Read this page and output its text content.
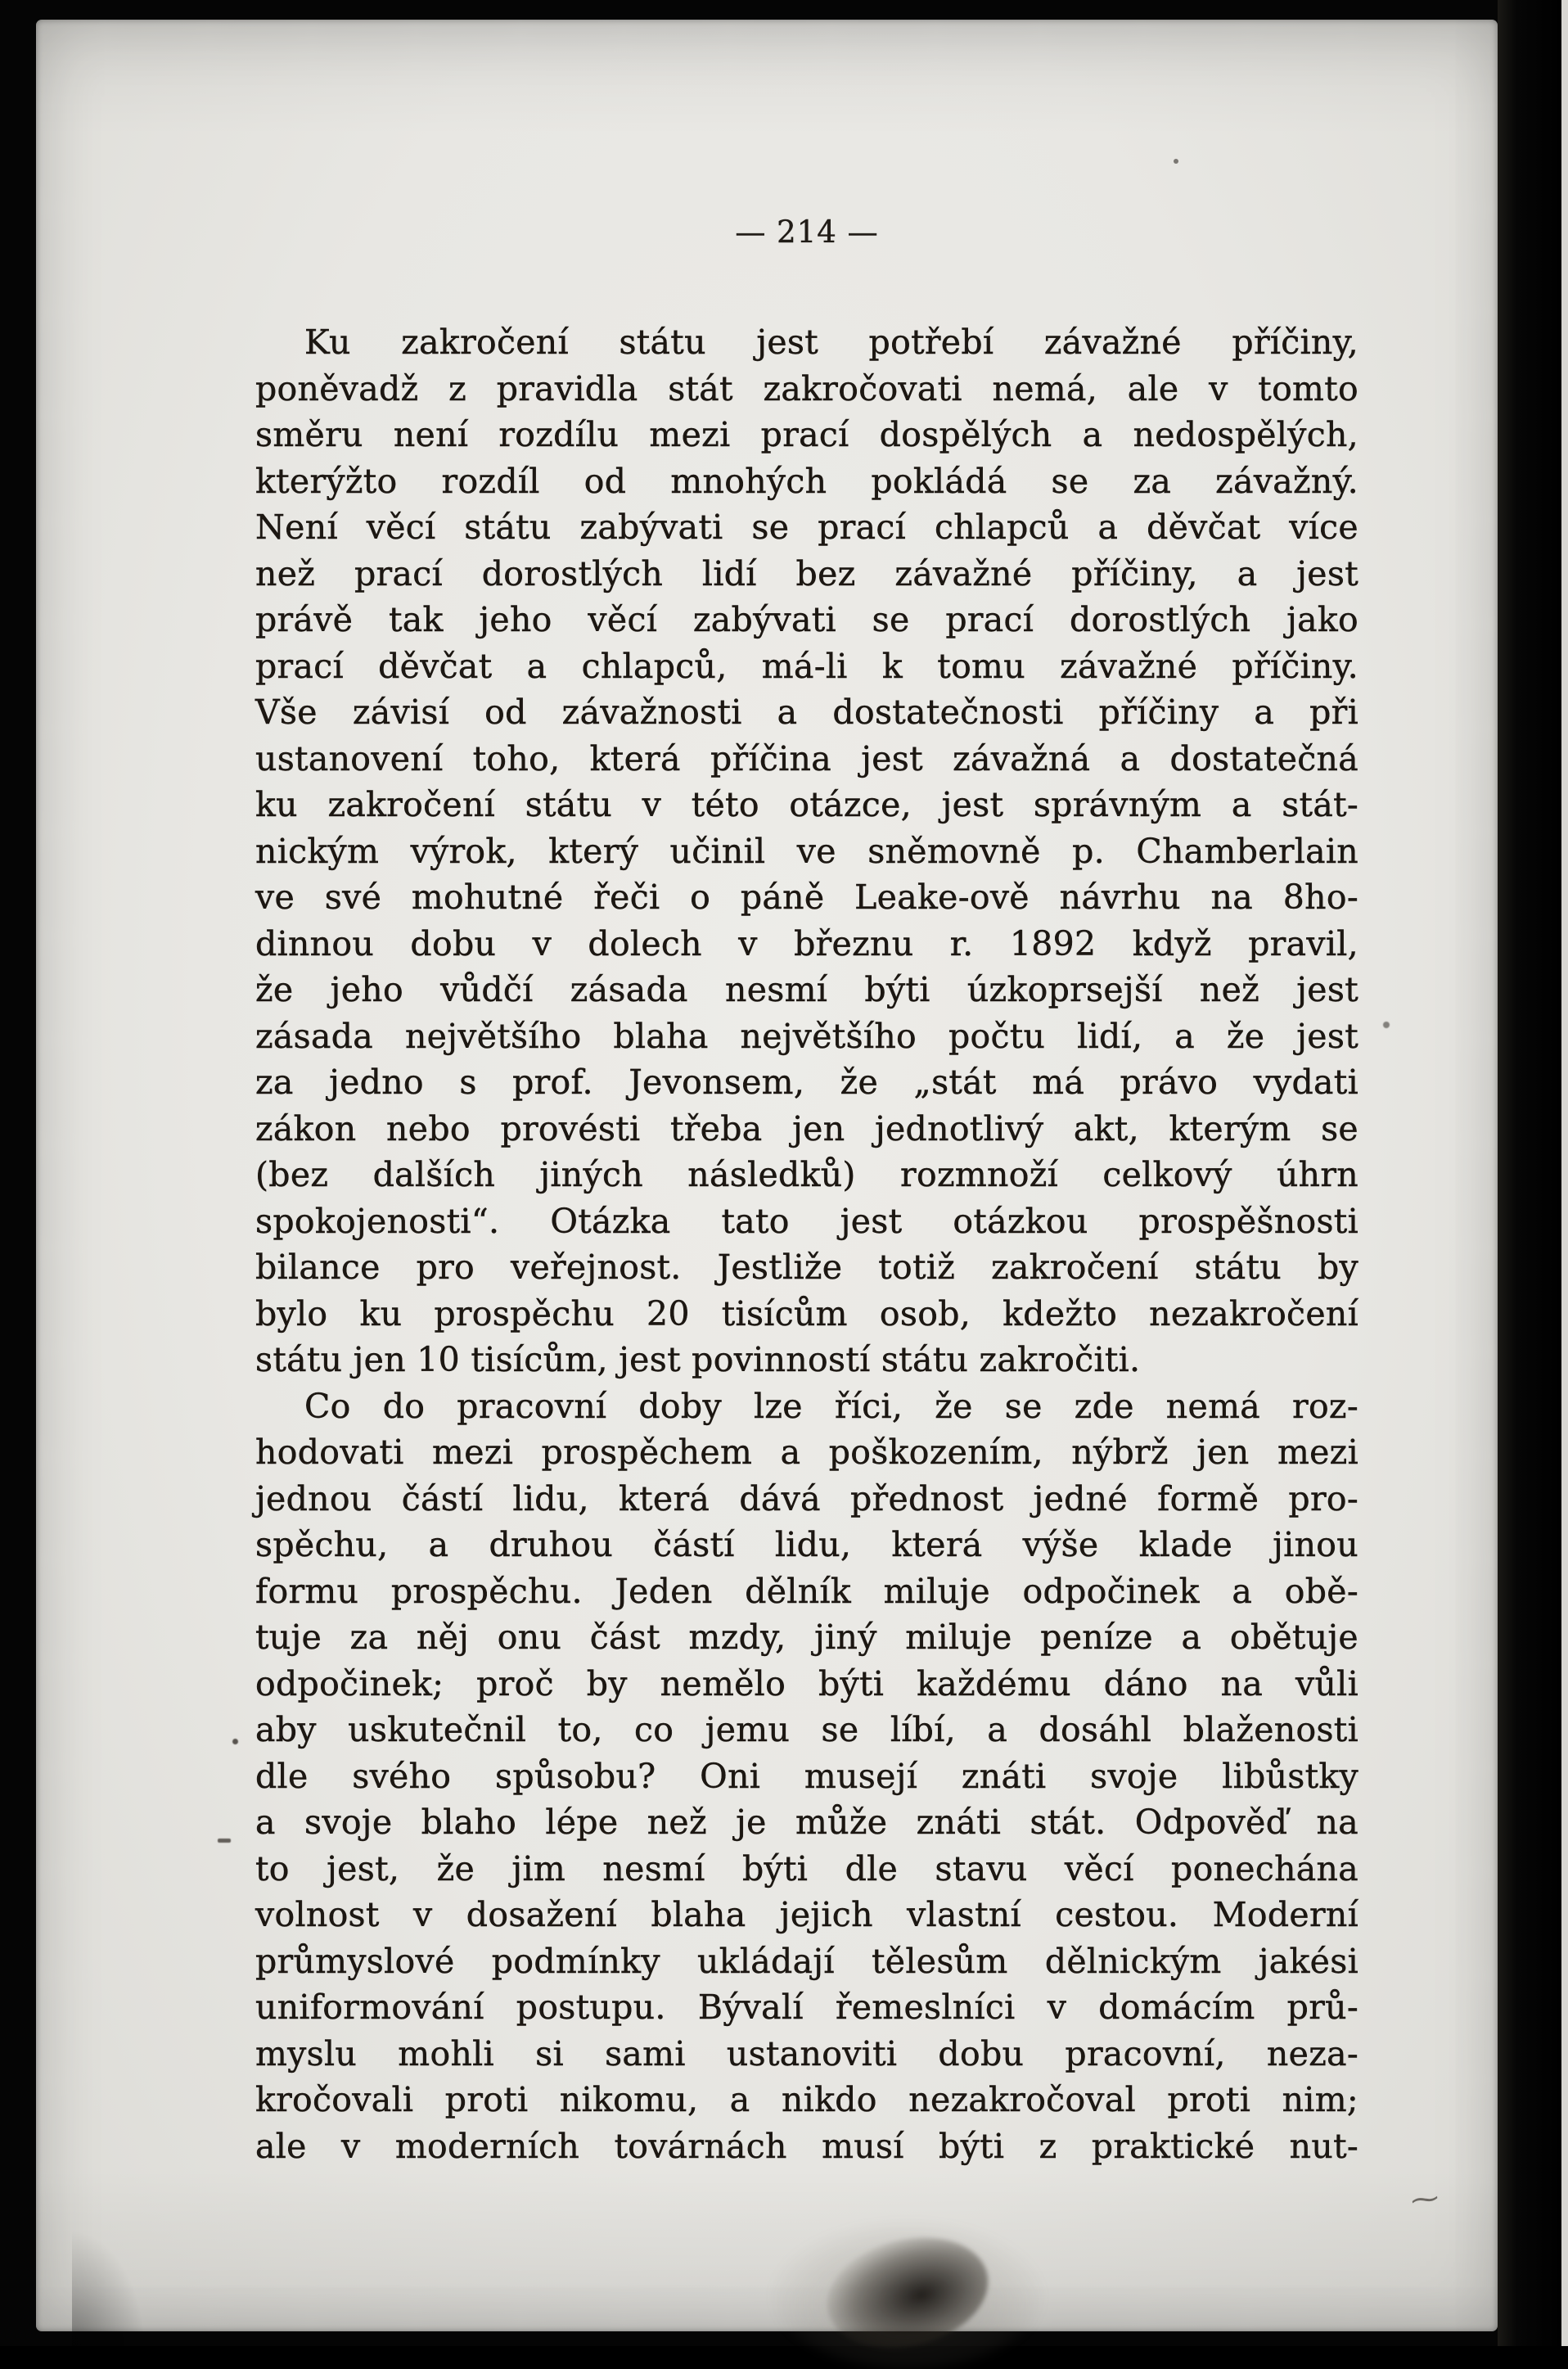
— 214 —
Ku zakročení státu jest potřebí závažné příčiny,
poněvadž z pravidla stát zakročovati nemá, ale v tomto
směru není rozdílu mezi prací dospělých a nedospělých,
kterýžto rozdíl od mnohých pokládá se za závažný.
Není věcí státu zabývati se prací chlapců a děvčat více
než prací dorostlých lidí bez závažné příčiny, a jest
právě tak jeho věcí zabývati se prací dorostlých jako
prací děvčat a chlapců, má-li k tomu závažné příčiny.
Vše závisí od závažnosti a dostatečnosti příčiny a při
ustanovení toho, která příčina jest závažná a dostatečná
ku zakročení státu v této otázce, jest správným a stát-
nickým výrok, který učinil ve sněmovně p. Chamberlain
ve své mohutné řeči o páně Leake-ově návrhu na 8ho-
dinnou dobu v dolech v březnu r. 1892 když pravil,
že jeho vůdčí zásada nesmí býti úzkoprsejší než jest
zásada největšího blaha největšího počtu lidí, a že jest
za jedno s prof. Jevonsem, že „stát má právo vydati
zákon nebo provésti třeba jen jednotlivý akt, kterým se
(bez dalších jiných následků) rozmnoží celkový úhrn
spokojenosti“. Otázka tato jest otázkou prospěšnosti
bilance pro veřejnost. Jestliže totiž zakročení státu by
bylo ku prospěchu 20 tisícům osob, kdežto nezakročení
státu jen 10 tisícům, jest povinností státu zakročiti.
Co do pracovní doby lze říci, že se zde nemá roz-
hodovati mezi prospěchem a poškozením, nýbrž jen mezi
jednou částí lidu, která dává přednost jedné formě pro-
spěchu, a druhou částí lidu, která výše klade jinou
formu prospěchu. Jeden dělník miluje odpočinek a obě-
tuje za něj onu část mzdy, jiný miluje peníze a obětuje
odpočinek; proč by nemělo býti každému dáno na vůli
aby uskutečnil to, co jemu se líbí, a dosáhl blaženosti
dle svého spůsobu? Oni musejí znáti svoje libůstky
a svoje blaho lépe než je může znáti stát. Odpověď na
to jest, že jim nesmí býti dle stavu věcí ponechána
volnost v dosažení blaha jejich vlastní cestou. Moderní
průmyslové podmínky ukládají tělesům dělnickým jakési
uniformování postupu. Bývalí řemeslníci v domácím prů-
myslu mohli si sami ustanoviti dobu pracovní, neza-
kročovali proti nikomu, a nikdo nezakročoval proti nim;
ale v moderních továrnách musí býti z praktické nut-
⁓
